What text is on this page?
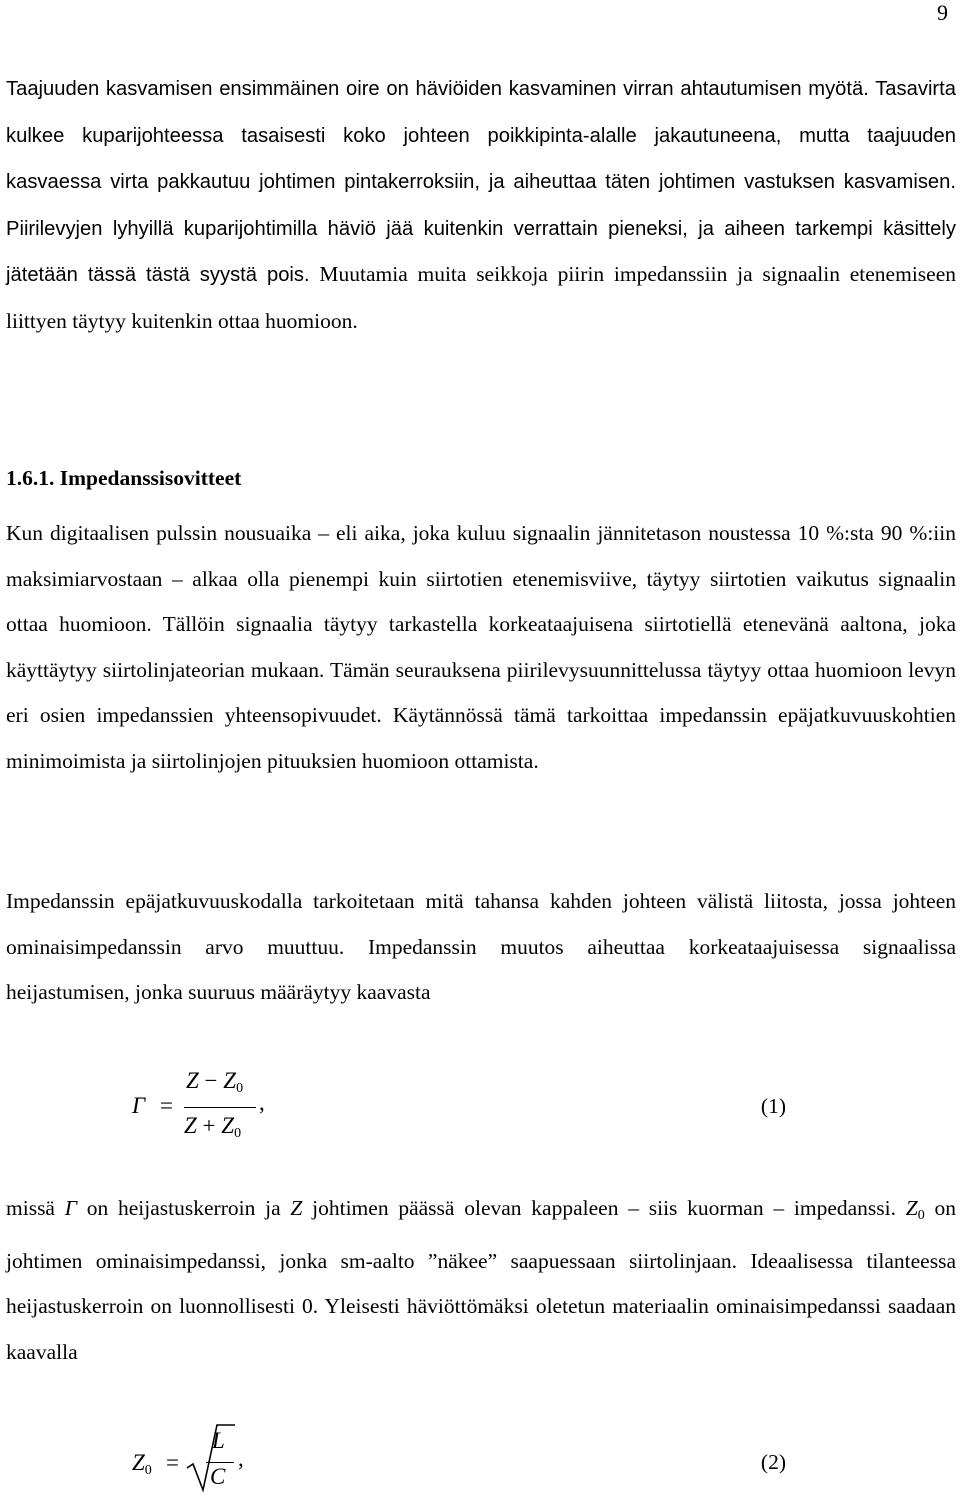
9

Taajuuden kasvamisen ensimmäinen oire on häviöiden kasvaminen virran ahtautumisen myötä. Tasavirta kulkee kuparijohteessa tasaisesti koko johteen poikkipinta-alalle jakautuneena, mutta taajuuden kasvaessa virta pakkautuu johtimen pintakerroksiin, ja aiheuttaa täten johtimen vastuksen kasvamisen. Piirilevyjen lyhyillä kuparijohtimilla häviö jää kuitenkin verrattain pieneksi, ja aiheen tarkempi käsittely jätetään tässä tästä syystä pois. Muutamia muita seikkoja piirin impedanssiin ja signaalin etenemiseen liittyen täytyy kuitenkin ottaa huomioon.

1.6.1. Impedanssisovitteet

Kun digitaalisen pulssin nousuaika – eli aika, joka kuluu signaalin jännitetason noustessa 10 %:sta 90 %:iin maksimiarvostaan – alkaa olla pienempi kuin siirtotien etenemisviive, täytyy siirtotien vaikutus signaalin ottaa huomioon. Tällöin signaalia täytyy tarkastella korkeataajuisena siirtotiellä etenevänä aaltona, joka käyttäytyy siirtolinjateorian mukaan. Tämän seurauksena piirilevysuunnittelussa täytyy ottaa huomioon levyn eri osien impedanssien yhteensopivuudet. Käytännössä tämä tarkoittaa impedanssin epäjatkuvuuskohtien minimoimista ja siirtolinjojen pituuksien huomioon ottamista.

Impedanssin epäjatkuvuuskodalla tarkoitetaan mitä tahansa kahden johteen välistä liitosta, jossa johteen ominaisimpedanssin arvo muuttuu. Impedanssin muutos aiheuttaa korkeataajuisessa signaalissa heijastumisen, jonka suuruus määräytyy kaavasta

Γ =
$Z - Z_0$
$Z + Z_0$
,	(1)

missä Γ on heijastuskerroin ja Z johtimen päässä olevan kappaleen – siis kuorman – impedanssi. $Z_0$ on johtimen ominaisimpedanssi, jonka sm-aalto ”näkee” saapuessaan siirtolinjaan. Ideaalisessa tilanteessa heijastuskerroin on luonnollisesti 0. Yleisesti häviöttömäksi oletetun materiaalin ominaisimpedanssi saadaan kaavalla

$Z_0$ =
L
C
,	(2)
